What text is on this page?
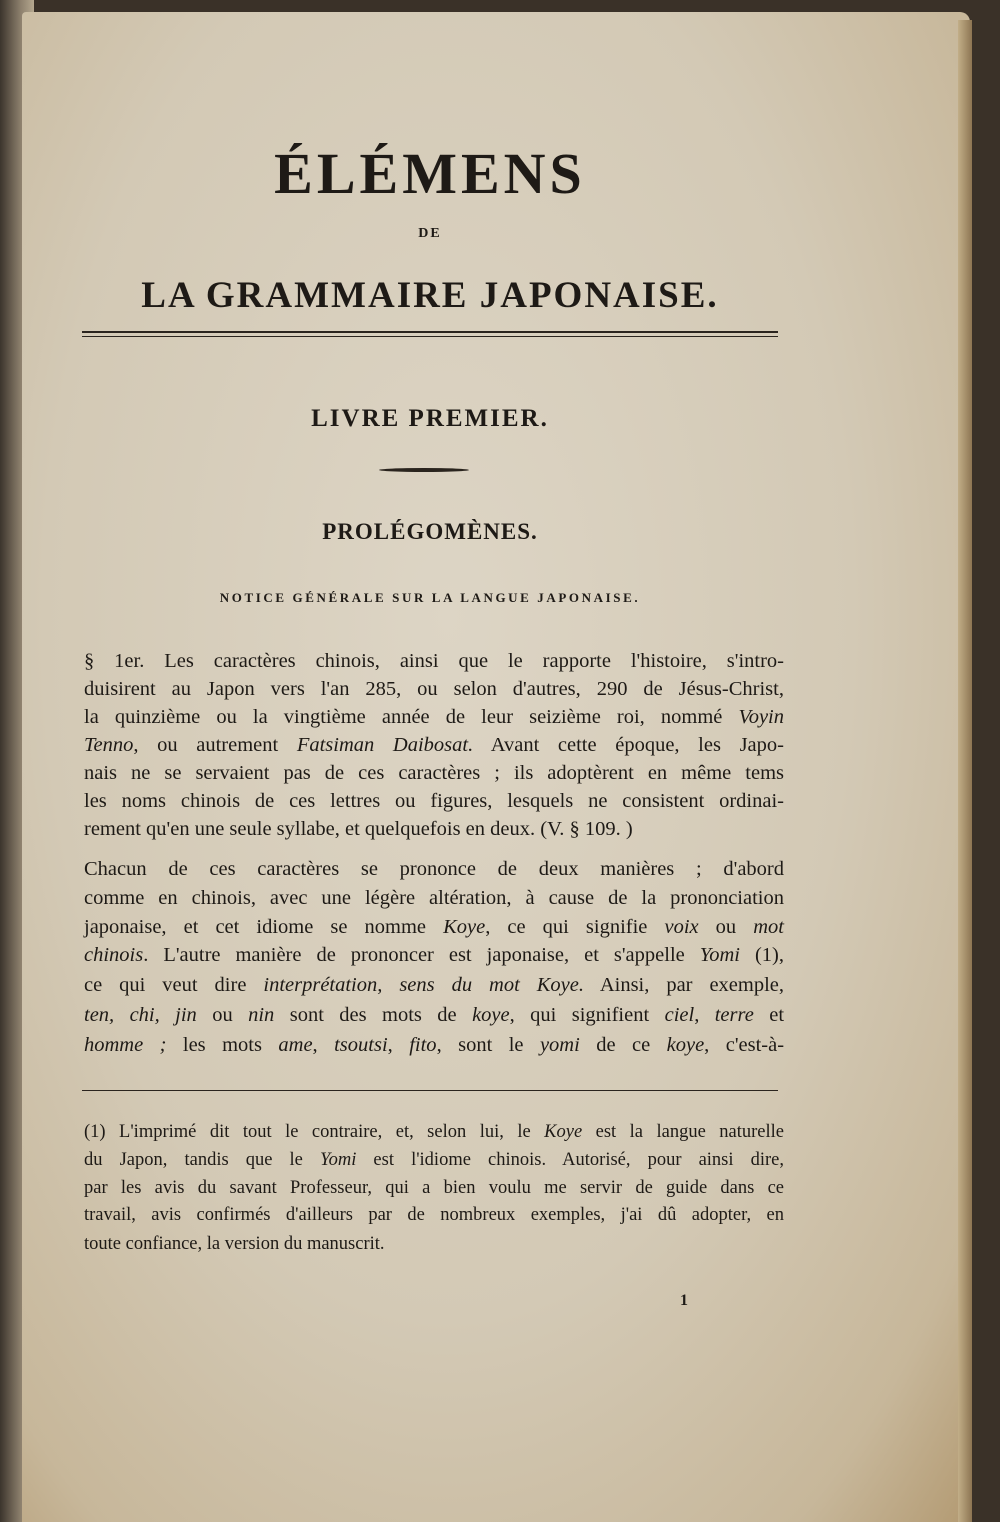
ÉLÉMENS
DE
LA GRAMMAIRE JAPONAISE.
LIVRE PREMIER.
PROLÉGOMÈNES.
NOTICE GÉNÉRALE SUR LA LANGUE JAPONAISE.
§ 1er. Les caractères chinois, ainsi que le rapporte l'histoire, s'intro-
duisirent au Japon vers l'an 285, ou selon d'autres, 290 de Jésus-Christ,
la quinzième ou la vingtième année de leur seizième roi, nommé Voyin
Tenno, ou autrement Fatsiman Daibosat. Avant cette époque, les Japo-
nais ne se servaient pas de ces caractères ; ils adoptèrent en même tems
les noms chinois de ces lettres ou figures, lesquels ne consistent ordinai-
rement qu'en une seule syllabe, et quelquefois en deux. (V. § 109. )
Chacun de ces caractères se prononce de deux manières ; d'abord
comme en chinois, avec une légère altération, à cause de la prononciation
japonaise, et cet idiome se nomme Koye, ce qui signifie voix ou mot
chinois. L'autre manière de prononcer est japonaise, et s'appelle Yomi (1),
ce qui veut dire interprétation, sens du mot Koye. Ainsi, par exemple,
ten, chi, jin ou nin sont des mots de koye, qui signifient ciel, terre et
homme ; les mots ame, tsoutsi, fito, sont le yomi de ce koye, c'est-à-
(1) L'imprimé dit tout le contraire, et, selon lui, le Koye est la langue naturelle
du Japon, tandis que le Yomi est l'idiome chinois. Autorisé, pour ainsi dire,
par les avis du savant Professeur, qui a bien voulu me servir de guide dans ce
travail, avis confirmés d'ailleurs par de nombreux exemples, j'ai dû adopter, en
toute confiance, la version du manuscrit.
1
